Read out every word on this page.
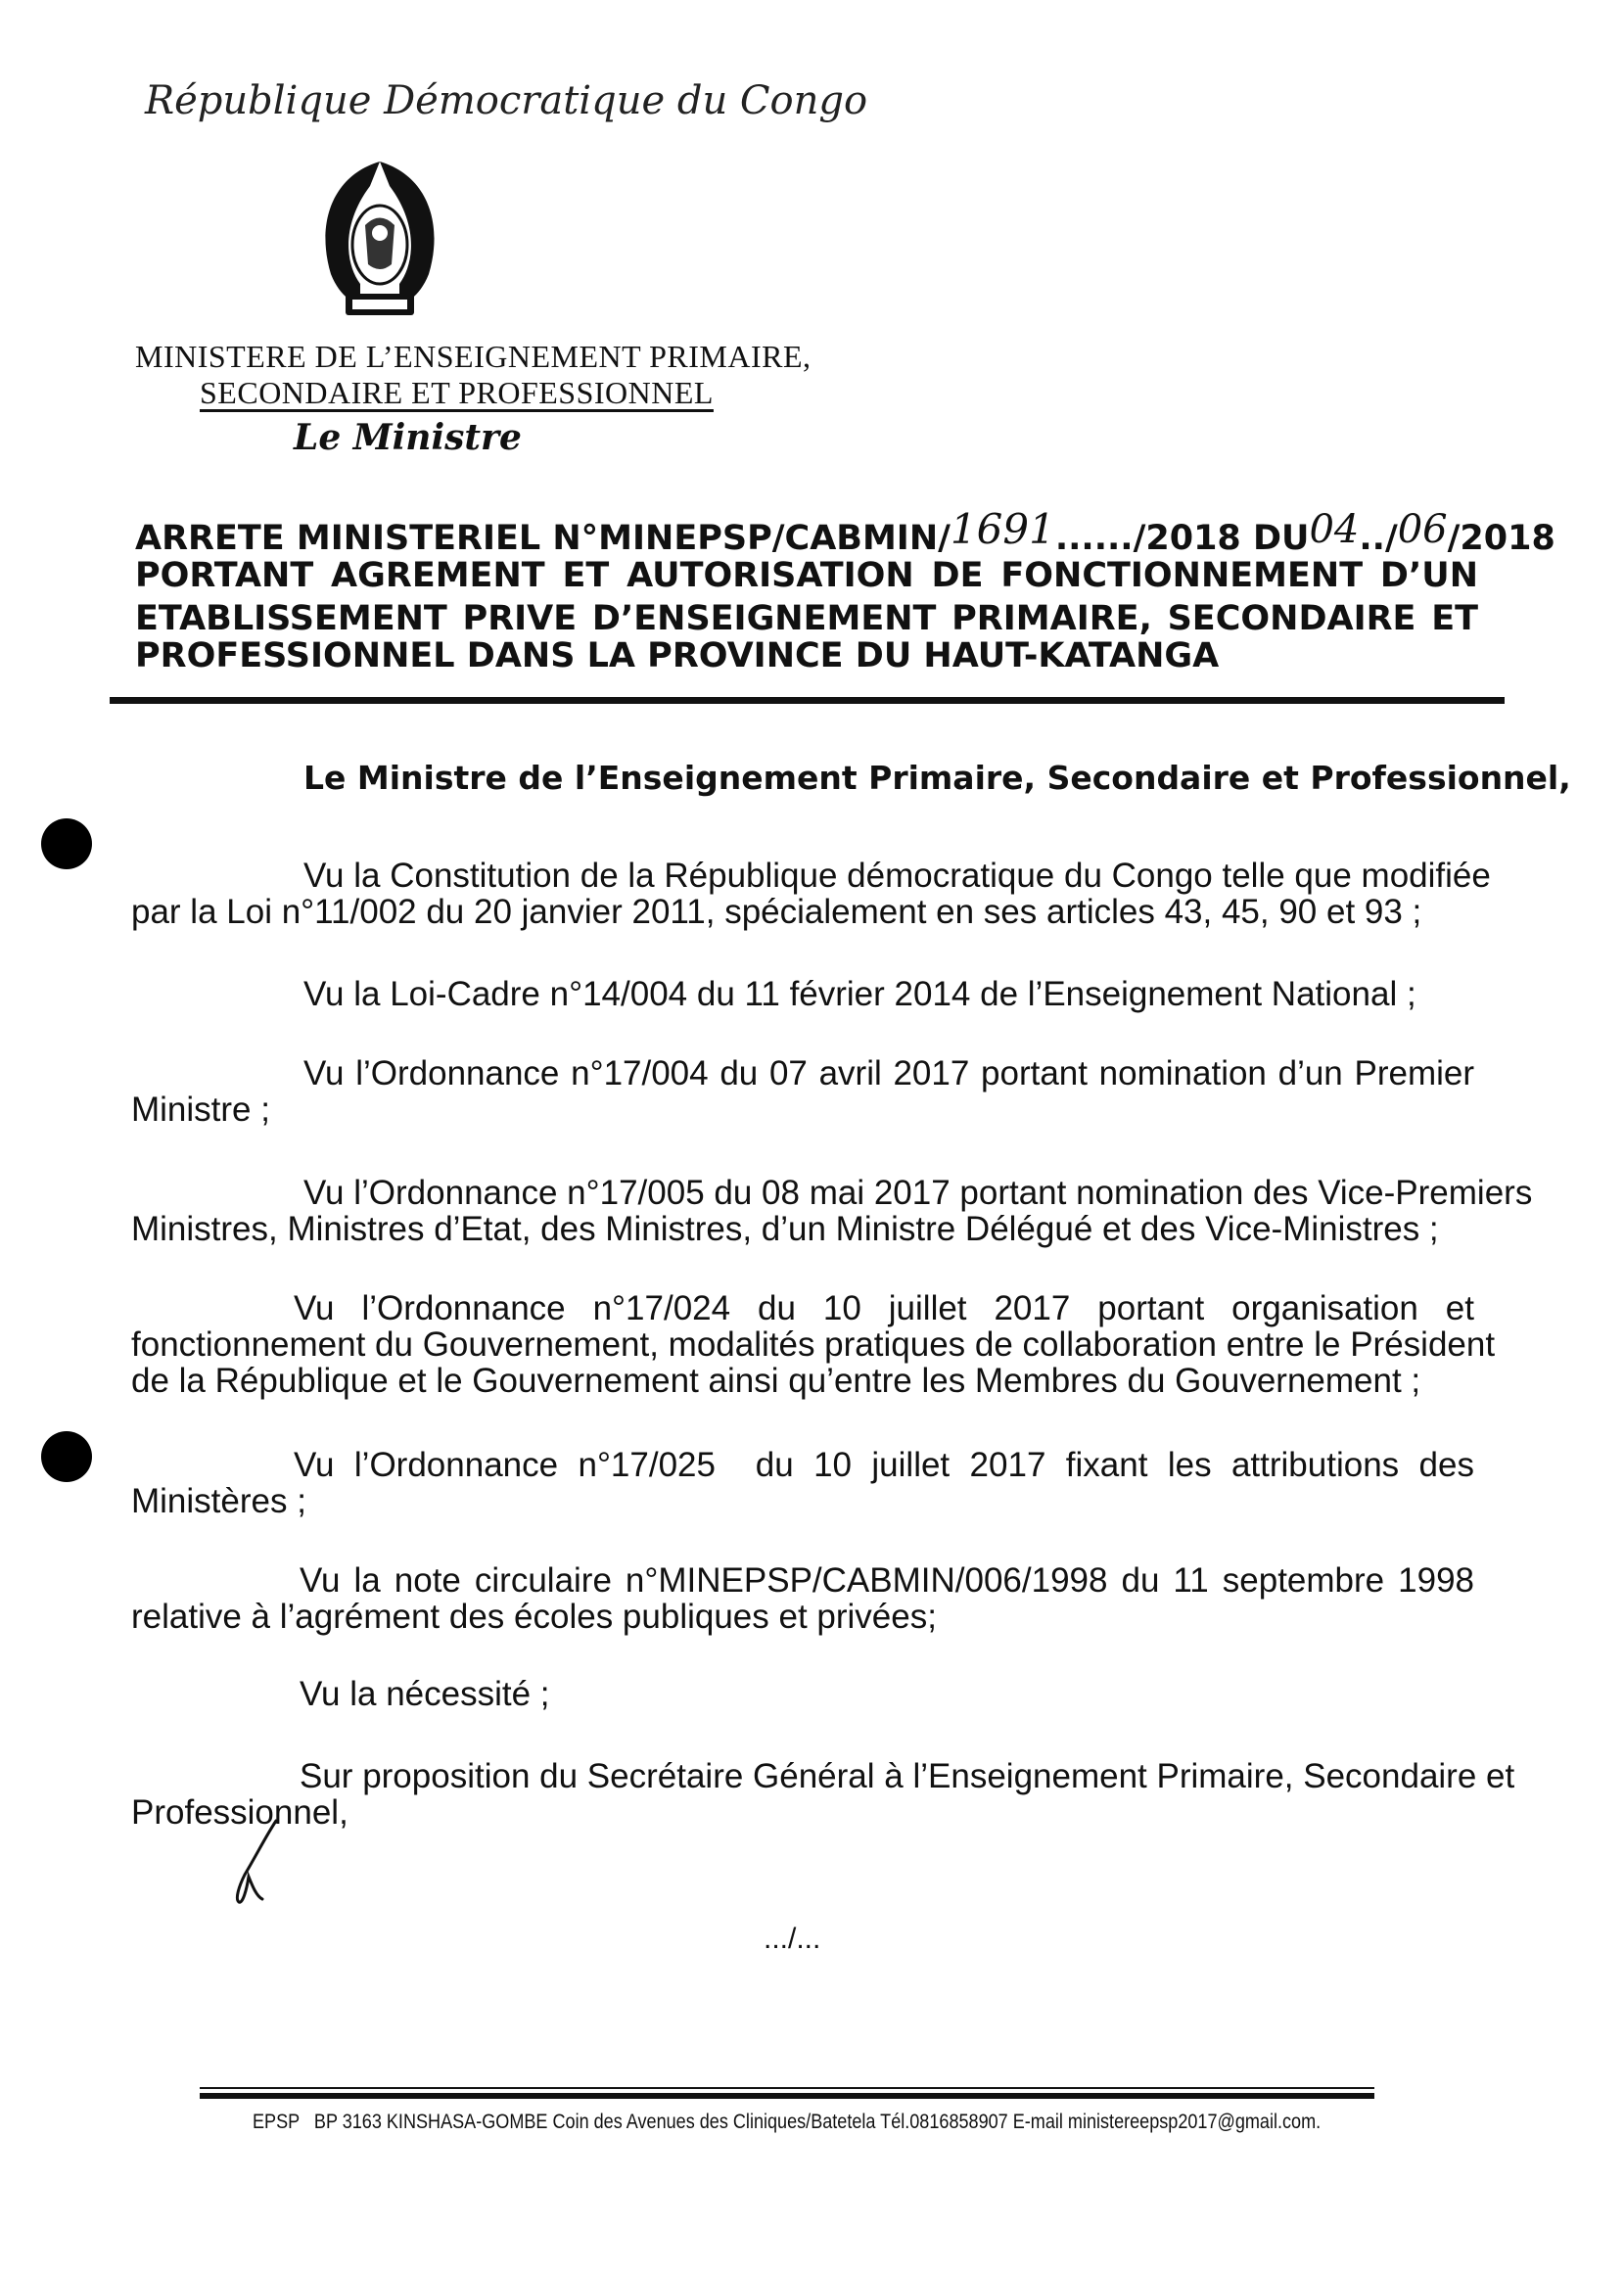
République Démocratique du Congo
MINISTERE DE L’ENSEIGNEMENT PRIMAIRE,
SECONDAIRE ET PROFESSIONNEL
Le Ministre
ARRETE MINISTERIEL N°MINEPSP/CABMIN/ 1691 ...... /2018 DU 04 ../ 06 /2018
PORTANT AGREMENT ET AUTORISATION DE FONCTIONNEMENT D’UN
ETABLISSEMENT PRIVE D’ENSEIGNEMENT PRIMAIRE, SECONDAIRE ET
PROFESSIONNEL DANS LA PROVINCE DU HAUT-KATANGA
Le Ministre de l’Enseignement Primaire, Secondaire et Professionnel,
Vu la Constitution de la République démocratique du Congo telle que modifiée
par la Loi n°11/002 du 20 janvier 2011, spécialement en ses articles 43, 45, 90 et 93 ;
Vu la Loi-Cadre n°14/004 du 11 février 2014 de l’Enseignement National ;
Vu l’Ordonnance n°17/004 du 07 avril 2017 portant nomination d’un Premier
Ministre ;
Vu l’Ordonnance n°17/005 du 08 mai 2017 portant nomination des Vice-Premiers
Ministres, Ministres d’Etat, des Ministres, d’un Ministre Délégué et des Vice-Ministres ;
Vu l’Ordonnance n°17/024 du 10 juillet 2017 portant organisation et
fonctionnement du Gouvernement, modalités pratiques de collaboration entre le Président
de la République et le Gouvernement ainsi qu’entre les Membres du Gouvernement ;
Vu l’Ordonnance n°17/025  du 10 juillet 2017 fixant les attributions des
Ministères ;
Vu la note circulaire n°MINEPSP/CABMIN/006/1998 du 11 septembre 1998
relative à l’agrément des écoles publiques et privées;
Vu la nécessité ;
Sur proposition du Secrétaire Général à l’Enseignement Primaire, Secondaire et
Professionnel,
.../...
EPSP   BP 3163 KINSHASA-GOMBE Coin des Avenues des Cliniques/Batetela Tél.0816858907 E-mail ministereepsp2017@gmail.com.
